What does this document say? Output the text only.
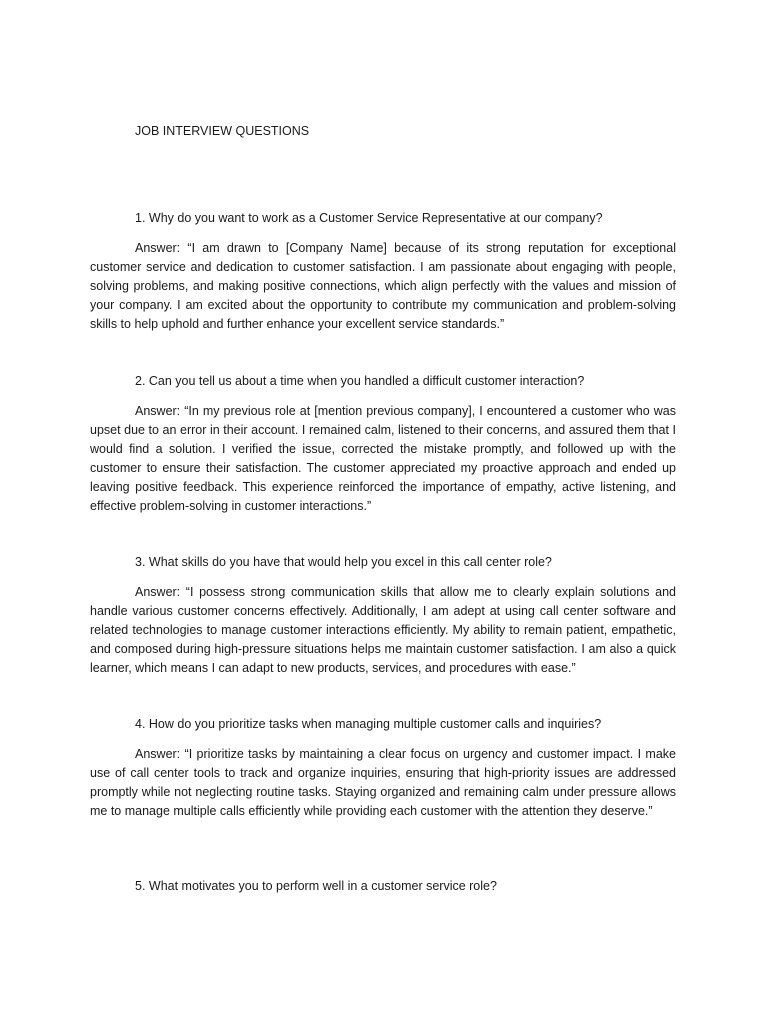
JOB INTERVIEW QUESTIONS
1. Why do you want to work as a Customer Service Representative at our company?

Answer: “I am drawn to [Company Name] because of its strong reputation for exceptional customer service and dedication to customer satisfaction. I am passionate about engaging with people, solving problems, and making positive connections, which align perfectly with the values and mission of your company. I am excited about the opportunity to contribute my communication and problem-solving skills to help uphold and further enhance your excellent service standards.”

2. Can you tell us about a time when you handled a difficult customer interaction?

Answer: “In my previous role at [mention previous company], I encountered a customer who was upset due to an error in their account. I remained calm, listened to their concerns, and assured them that I would find a solution. I verified the issue, corrected the mistake promptly, and followed up with the customer to ensure their satisfaction. The customer appreciated my proactive approach and ended up leaving positive feedback. This experience reinforced the importance of empathy, active listening, and effective problem-solving in customer interactions.”

3. What skills do you have that would help you excel in this call center role?

Answer: “I possess strong communication skills that allow me to clearly explain solutions and handle various customer concerns effectively. Additionally, I am adept at using call center software and related technologies to manage customer interactions efficiently. My ability to remain patient, empathetic, and composed during high-pressure situations helps me maintain customer satisfaction. I am also a quick learner, which means I can adapt to new products, services, and procedures with ease.”

4. How do you prioritize tasks when managing multiple customer calls and inquiries?

Answer: “I prioritize tasks by maintaining a clear focus on urgency and customer impact. I make use of call center tools to track and organize inquiries, ensuring that high-priority issues are addressed promptly while not neglecting routine tasks. Staying organized and remaining calm under pressure allows me to manage multiple calls efficiently while providing each customer with the attention they deserve.”

5. What motivates you to perform well in a customer service role?
